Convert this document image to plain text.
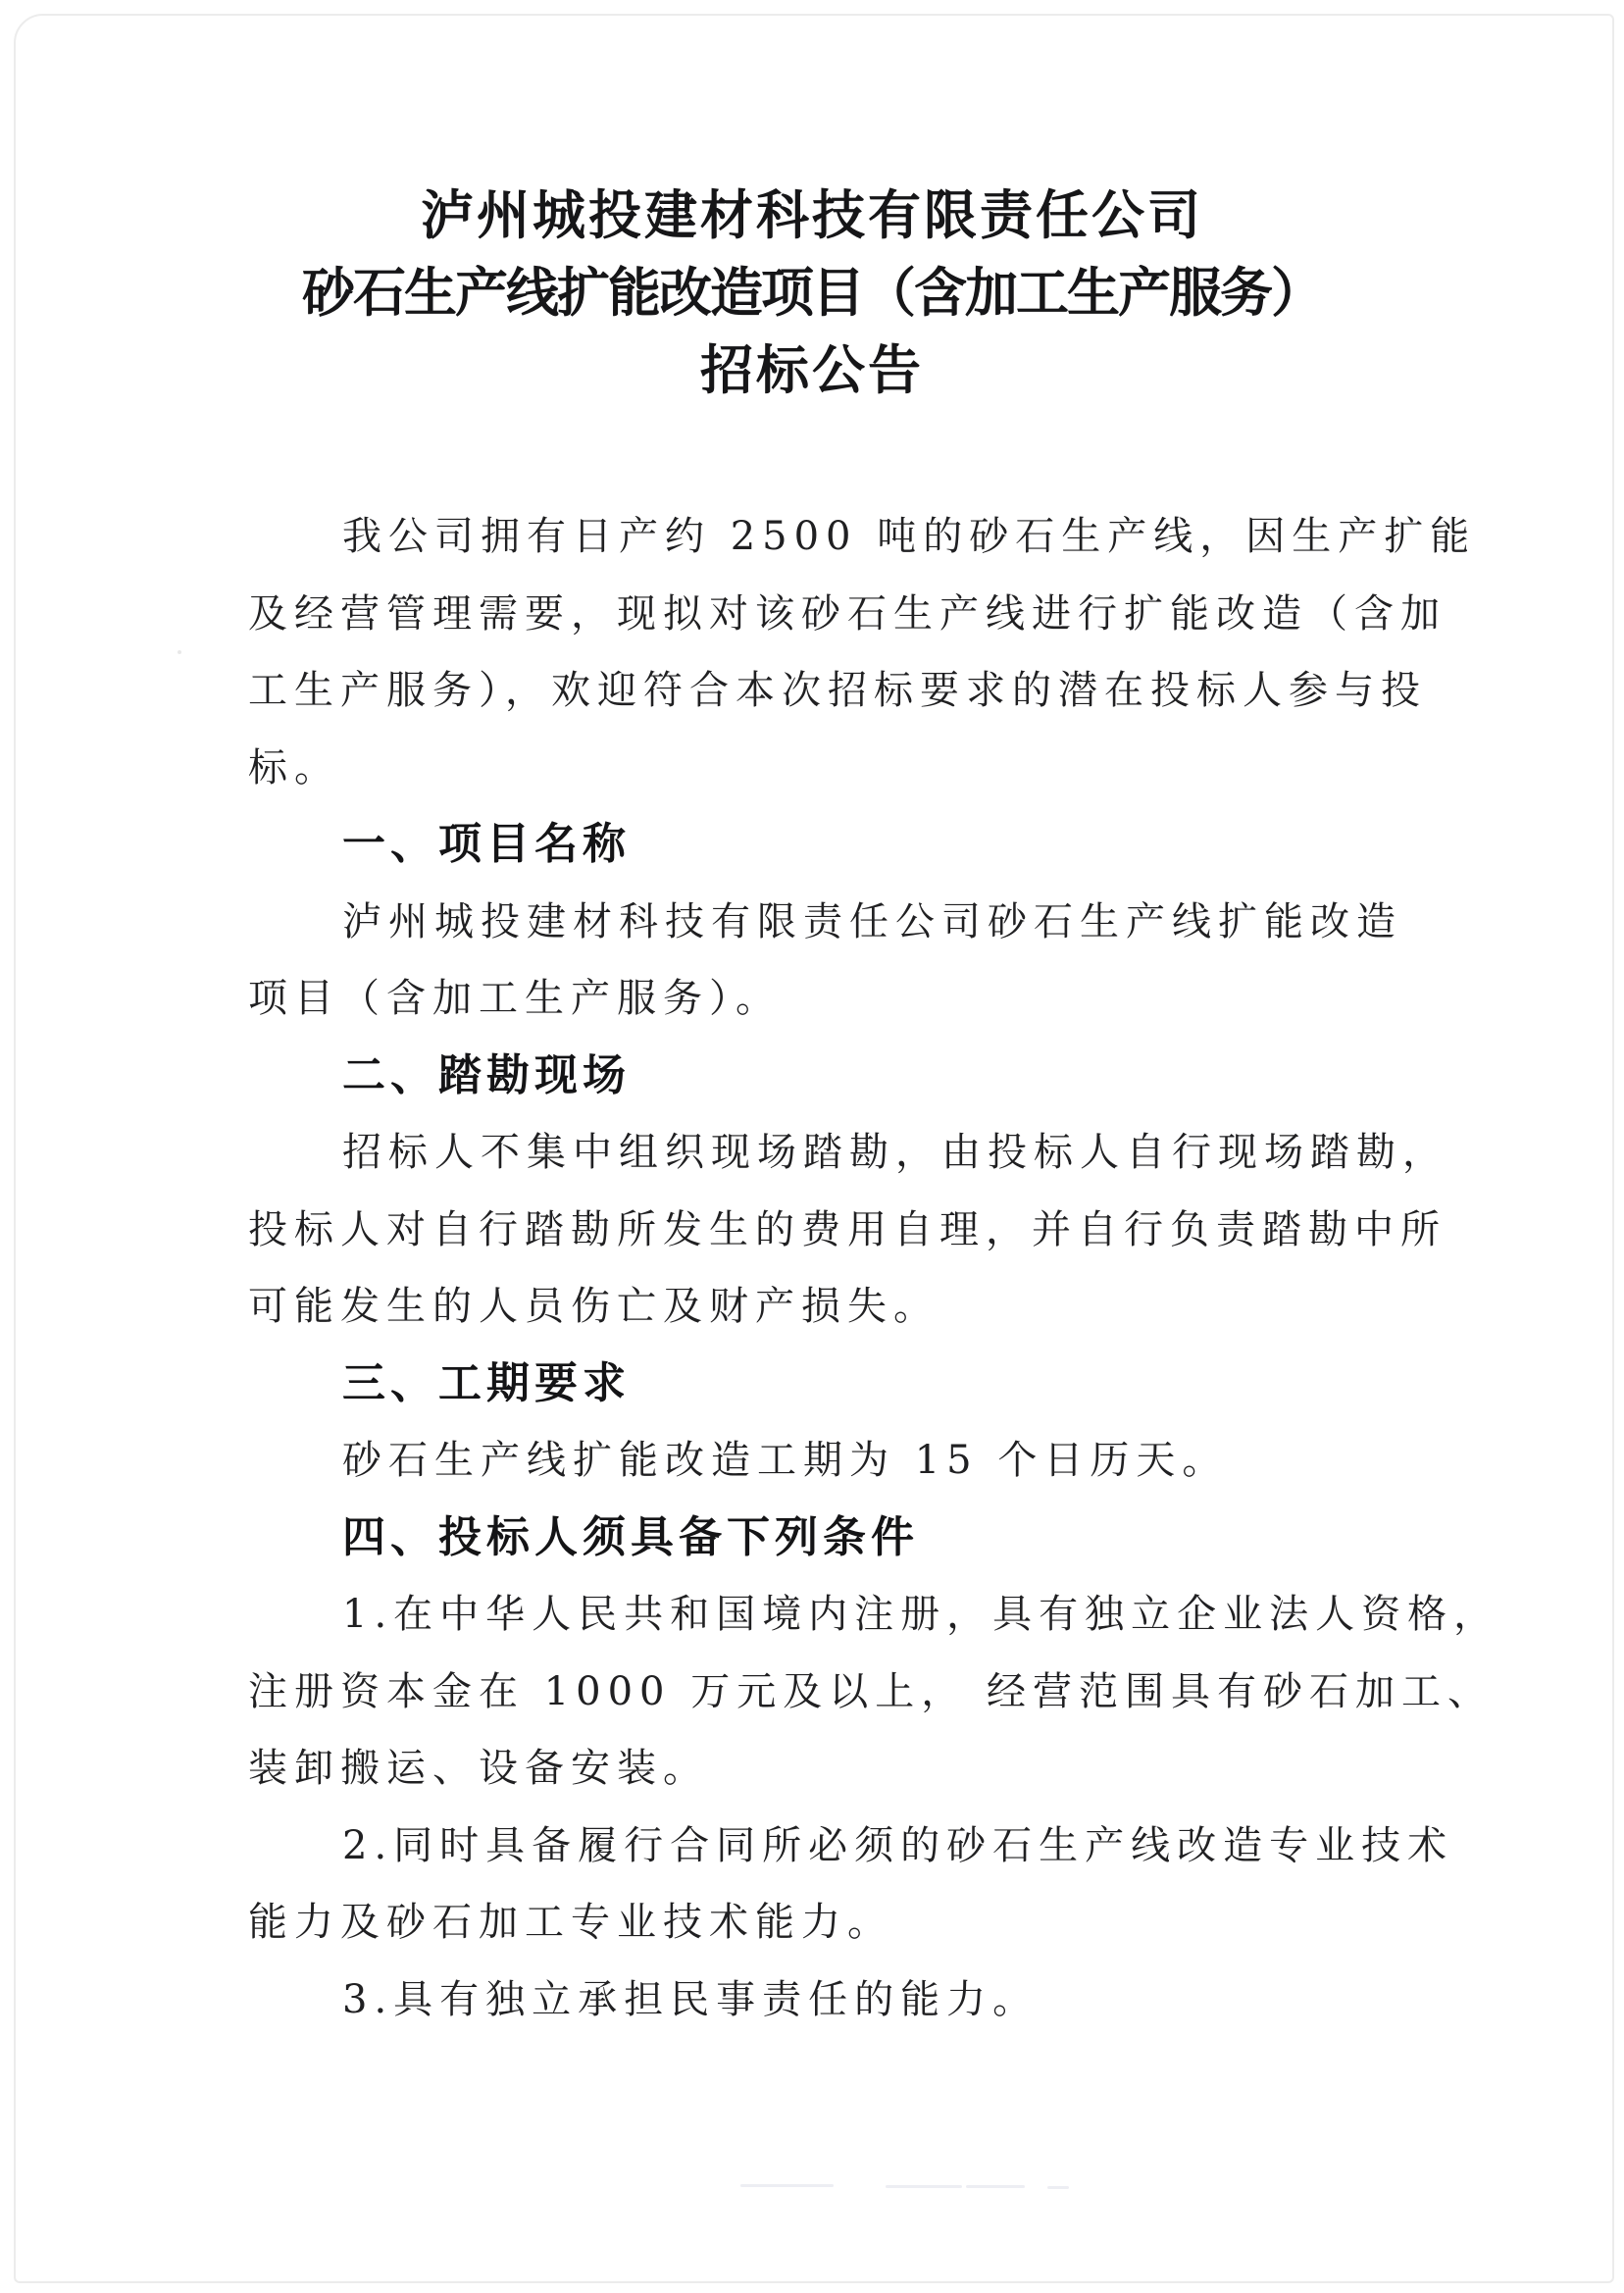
泸州城投建材科技有限责任公司
砂石生产线扩能改造项目（含加工生产服务）
招标公告
我公司拥有日产约 2500 吨的砂石生产线，因生产扩能
及经营管理需要，现拟对该砂石生产线进行扩能改造（含加
工生产服务），欢迎符合本次招标要求的潜在投标人参与投
标。
一、项目名称
泸州城投建材科技有限责任公司砂石生产线扩能改造
项目（含加工生产服务）。
二、踏勘现场
招标人不集中组织现场踏勘，由投标人自行现场踏勘，
投标人对自行踏勘所发生的费用自理，并自行负责踏勘中所
可能发生的人员伤亡及财产损失。
三、工期要求
砂石生产线扩能改造工期为 15 个日历天。
四、投标人须具备下列条件
1.在中华人民共和国境内注册，具有独立企业法人资格，
注册资本金在 1000 万元及以上， 经营范围具有砂石加工、
装卸搬运、设备安装。
2.同时具备履行合同所必须的砂石生产线改造专业技术
能力及砂石加工专业技术能力。
3.具有独立承担民事责任的能力。
